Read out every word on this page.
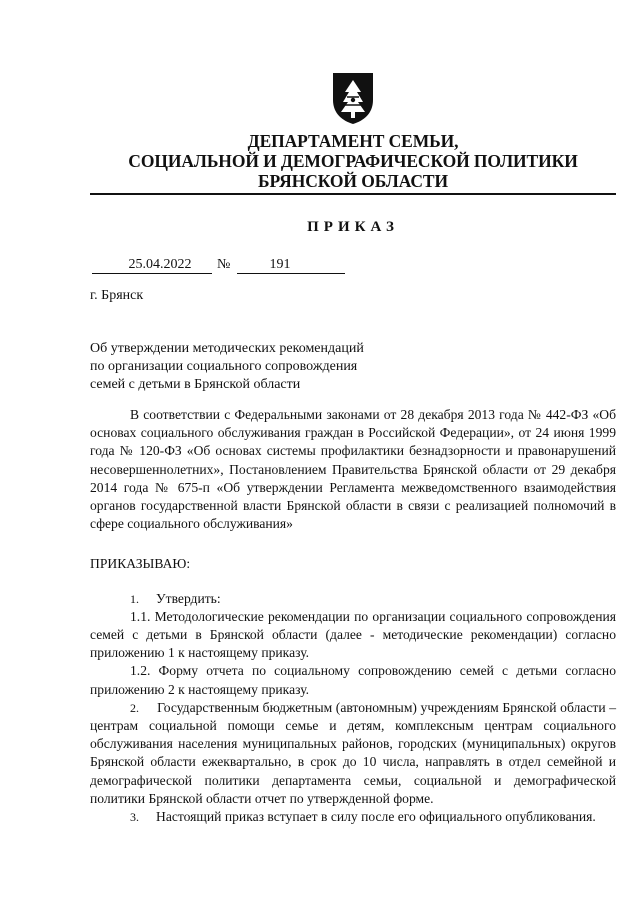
ДЕПАРТАМЕНТ СЕМЬИ,
СОЦИАЛЬНОЙ И ДЕМОГРАФИЧЕСКОЙ ПОЛИТИКИ
БРЯНСКОЙ ОБЛАСТИ
ПРИКАЗ
25.04.2022	№	191
г. Брянск
Об утверждении методических рекомендаций
по организации социального сопровождения
семей с детьми в Брянской области

В соответствии с Федеральными законами от 28 декабря 2013 года № 442-ФЗ «Об основах социального обслуживания граждан в Российской Федерации», от 24 июня 1999 года № 120-ФЗ «Об основах системы профилактики безнадзорности и правонарушений несовершеннолетних», Постановлением Правительства Брянской области от 29 декабря 2014 года № 675-п «Об утверждении Регламента межведомственного взаимодействия органов государственной власти Брянской области в связи с реализацией полномочий в сфере социального обслуживания»

ПРИКАЗЫВАЮ:

1. Утвердить:

1.1. Методологические рекомендации по организации социального сопровождения семей с детьми в Брянской области (далее - методические рекомендации) согласно приложению 1 к настоящему приказу.

1.2. Форму отчета по социальному сопровождению семей с детьми согласно приложению 2 к настоящему приказу.

2. Государственным бюджетным (автономным) учреждениям Брянской области – центрам социальной помощи семье и детям, комплексным центрам социального обслуживания населения муниципальных районов, городских (муниципальных) округов Брянской области ежеквартально, в срок до 10 числа, направлять в отдел семейной и демографической политики департамента семьи, социальной и демографической политики Брянской области отчет по утвержденной форме.

3. Настоящий приказ вступает в силу после его официального опубликования.
